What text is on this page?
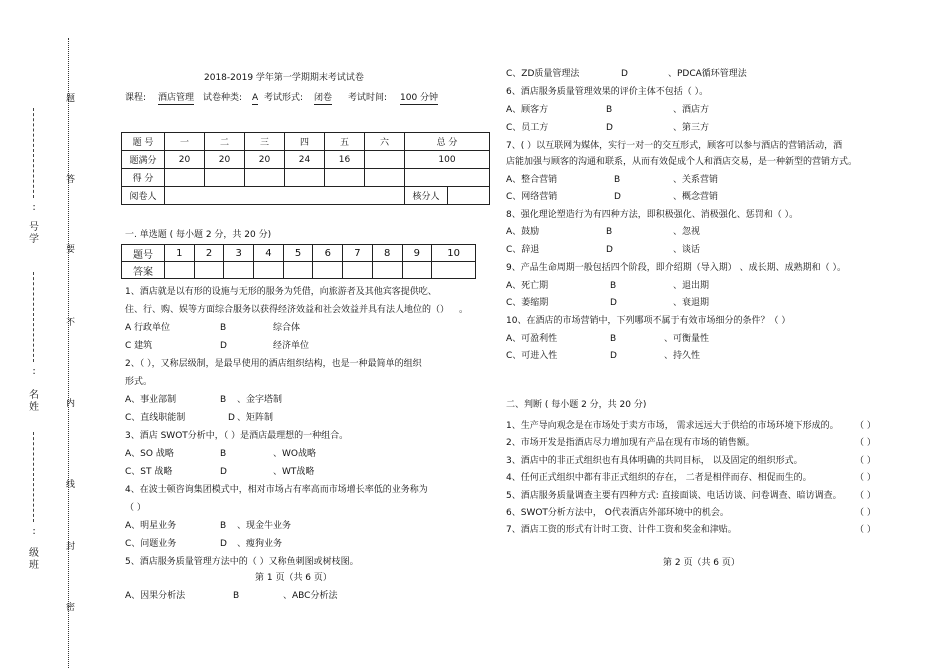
题
答
要
不
内
线
封
密
:
号
学
:
名
姓
:
级
班
2018-2019 学年第一学期期末考试试卷
课程: 酒店管理 试卷种类: A 考试形式: 闭卷 考试时间: 100 分钟
题 号	一	二	三	四	五	六	总 分	
题满分	20	20	20	24	16		100	
得 分								
阅卷人							核分人	
一. 单选题 ( 每小题 2 分，共 20 分)
题号	1	2	3	4	5	6	7	8	9	10
答案										
1、酒店就是以有形的设施与无形的服务为凭借，向旅游者及其他宾客提供吃、
住、行、购、娱等方面综合服务以获得经济效益和社会效益并具有法人地位的（） 。
A 行政单位	B	综合体
C 建筑	D	经济单位
2、（ ），又称层级制，是最早使用的酒店组织结构，也是一种最简单的组织
形式。
A、事业部制	B 、金字塔制
C、直线职能制	D 、矩阵制
3、酒店 SWOT分析中，（ ）是酒店最理想的一种组合。
A、SO 战略	B	、WO战略
C、ST 战略	D	、WT战略
4、在波士顿咨询集团模式中，相对市场占有率高而市场增长率低的业务称为
（ ）
A、明星业务	B 、现金牛业务
C、问题业务	D 、瘦狗业务
5、酒店服务质量管理方法中的（ ）又称鱼刺图或树枝图。
第 1 页（共 6 页）
A、因果分析法	B	、ABC分析法
C、ZD质量管理法	D	、PDCA循环管理法
6、酒店服务质量管理效果的评价主体不包括（ ）。
A、顾客方	B	、酒店方
C、员工方	D	、第三方
7、( ）以互联网为媒体，实行一对一的交互形式，顾客可以参与酒店的营销活动，酒
店能加强与顾客的沟通和联系，从而有效促成个人和酒店交易，是一种新型的营销方式。
A、整合营销	B	、关系营销
C、网络营销	D	、概念营销
8、强化理论塑造行为有四种方法，即积极强化、消极强化、惩罚和（ ）。
A、鼓励	B	、忽视
C、辞退	D	、谈话
9、产品生命周期一般包括四个阶段，即介绍期（导入期） 、成长期、成熟期和（ ）。
A、死亡期	B	、退出期
C、萎缩期	D	、衰退期
10、在酒店的市场营销中，下列哪项不属于有效市场细分的条件？（ ）
A、可盈利性	B	、可衡量性
C、可进入性	D	、持久性
二、判断 ( 每小题 2 分，共 20 分)
1、生产导向观念是在市场处于卖方市场， 需求远远大于供给的市场环境下形成的。 （ ）
2、市场开发是指酒店尽力增加现有产品在现有市场的销售额。	（ ）
3、酒店中的非正式组织也有具体明确的共同目标， 以及固定的组织形式。	（ ）
4、任何正式组织中都有非正式组织的存在， 二者是相伴而存、相促而生的。	（ ）
5、酒店服务质量调查主要有四种方式: 直接面谈、电话访谈、问卷调查、暗访调查。 （ ）
6、SWOT分析方法中， O代表酒店外部环境中的机会。	（ ）
7、酒店工资的形式有计时工资、计件工资和奖金和津贴。	（ ）
第 2 页（共 6 页）
